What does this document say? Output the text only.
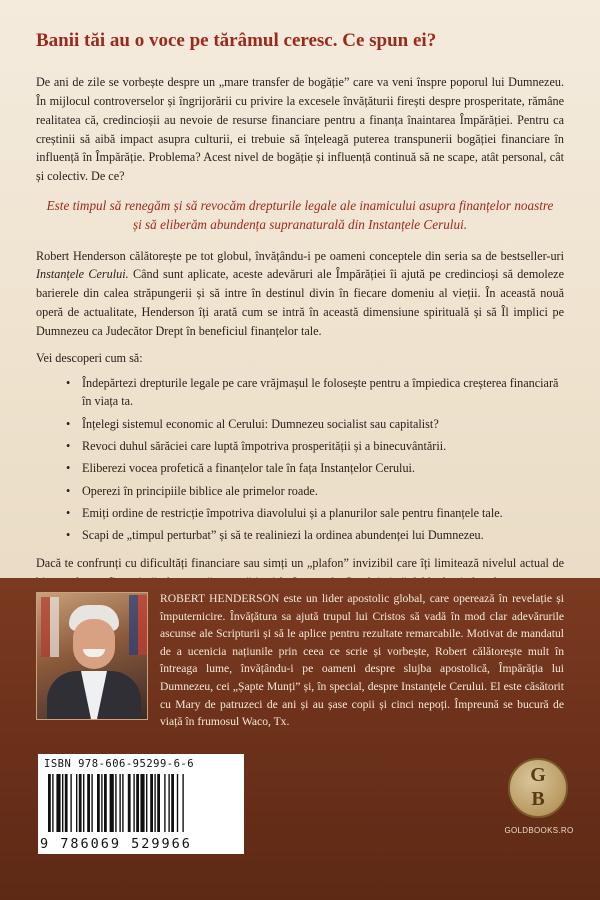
Banii tăi au o voce pe tărâmul ceresc. Ce spun ei?

De ani de zile se vorbește despre un „mare transfer de bogăție” care va veni înspre poporul lui Dumnezeu. În mijlocul controverselor și îngrijorării cu privire la excesele învățăturii firești despre prosperitate, rămâne realitatea că, credincioșii au nevoie de resurse financiare pentru a finanța înaintarea Împărăției. Pentru ca creștinii să aibă impact asupra culturii, ei trebuie să înțeleagă puterea transpunerii bogăției financiare în influență în Împărăție. Problema? Acest nivel de bogăție și influență continuă să ne scape, atât personal, cât și colectiv. De ce?

Este timpul să renegăm și să revocăm drepturile legale ale inamicului asupra finanțelor noastre și să eliberăm abundența supranaturală din Instanțele Cerului.

Robert Henderson călătorește pe tot globul, învățându-i pe oameni conceptele din seria sa de bestseller-uri Instanțele Cerului. Când sunt aplicate, aceste adevăruri ale Împărăției îi ajută pe credincioși să demoleze barierele din calea străpungerii și să intre în destinul divin în fiecare domeniu al vieții. În această nouă operă de actualitate, Henderson îți arată cum se intră în această dimensiune spirituală și să Îl implici pe Dumnezeu ca Judecător Drept în beneficiul finanțelor tale.

Vei descoperi cum să:

• Îndepărtezi drepturile legale pe care vrăjmașul le folosește pentru a împiedica creșterea financiară în viața ta.
• Înțelegi sistemul economic al Cerului: Dumnezeu socialist sau capitalist?
• Revoci duhul sărăciei care luptă împotriva prosperității și a binecuvântării.
• Eliberezi vocea profetică a finanțelor tale în fața Instanțelor Cerului.
• Operezi în principiile biblice ale primelor roade.
• Emiți ordine de restricție împotriva diavolului și a planurilor sale pentru finanțele tale.
• Scapi de „timpul perturbat” și să te realiniezi la ordinea abundenței lui Dumnezeu.

Dacă te confrunți cu dificultăți financiare sau simți un „plafon” invizibil care îți limitează nivelul actual de

ROBERT HENDERSON este un lider apostolic global, care operează în revelație și împuternicire. Învățătura sa ajută trupul lui Cristos să vadă în mod clar adevărurile ascunse ale Scripturii și să le aplice pentru rezultate remarcabile. Motivat de mandatul de a ucenicia națiunile prin ceea ce scrie și vorbește, Robert călătorește mult în întreaga lume, învățându-i pe oameni despre slujba apostolică, Împărăția lui Dumnezeu, cei „Șapte Munți” și, în special, despre Instanțele Cerului. El este căsătorit cu Mary de patruzeci de ani și au șase copii și cinci nepoți. Împreună se bucură de viață în frumosul Waco, Tx.

ISBN 978-606-95299-6-6
9 786069 529966
G
B
GOLDBOOKS.RO
